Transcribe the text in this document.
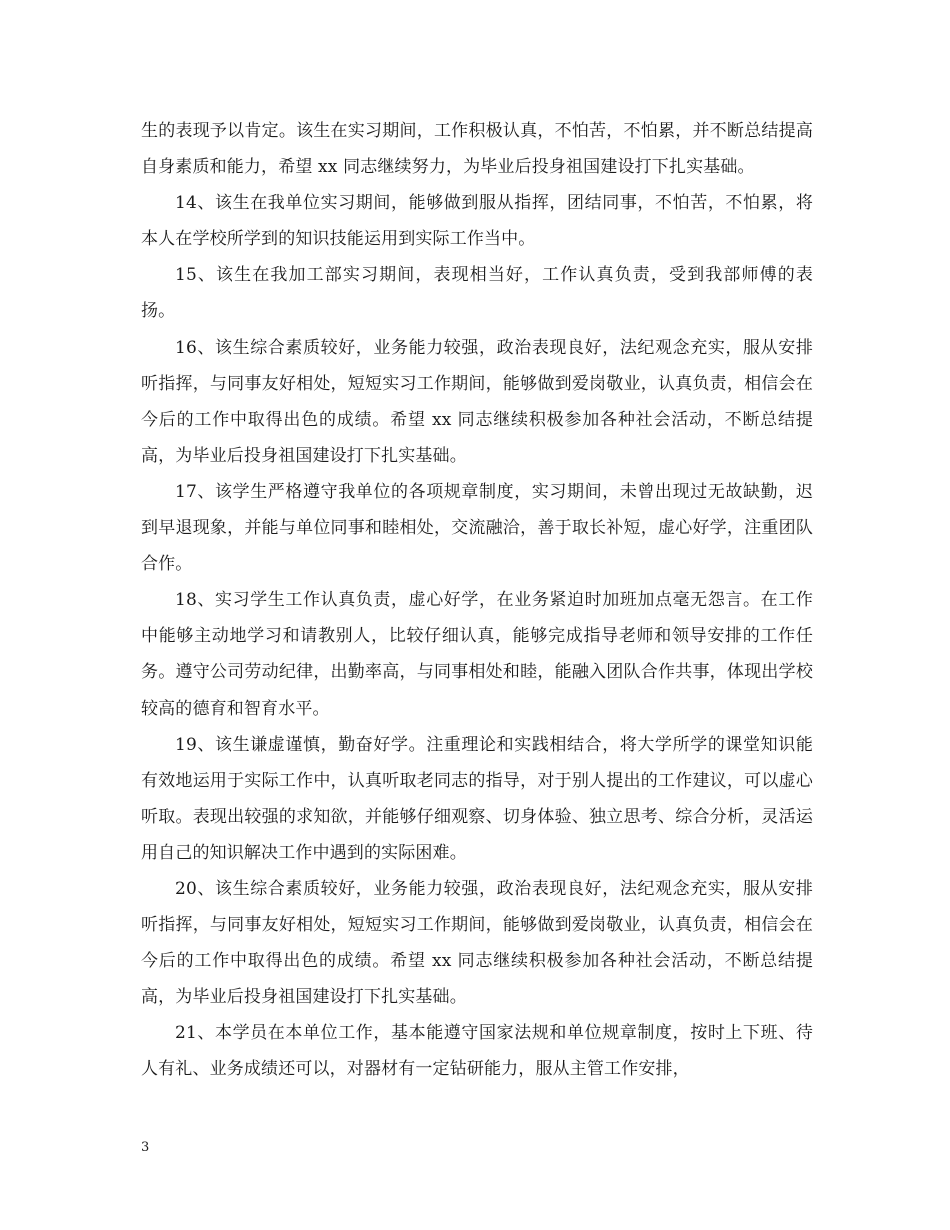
生的表现予以肯定。该生在实习期间，工作积极认真，不怕苦，不怕累，并不断总结提高自身素质和能力，希望 xx 同志继续努力，为毕业后投身祖国建设打下扎实基础。

14、该生在我单位实习期间，能够做到服从指挥，团结同事，不怕苦，不怕累，将本人在学校所学到的知识技能运用到实际工作当中。

15、该生在我加工部实习期间，表现相当好，工作认真负责，受到我部师傅的表扬。

16、该生综合素质较好，业务能力较强，政治表现良好，法纪观念充实，服从安排听指挥，与同事友好相处，短短实习工作期间，能够做到爱岗敬业，认真负责，相信会在今后的工作中取得出色的成绩。希望 xx 同志继续积极参加各种社会活动，不断总结提高，为毕业后投身祖国建设打下扎实基础。

17、该学生严格遵守我单位的各项规章制度，实习期间，未曾出现过无故缺勤，迟到早退现象，并能与单位同事和睦相处，交流融洽，善于取长补短，虚心好学，注重团队合作。

18、实习学生工作认真负责，虚心好学，在业务紧迫时加班加点毫无怨言。在工作中能够主动地学习和请教别人，比较仔细认真，能够完成指导老师和领导安排的工作任务。遵守公司劳动纪律，出勤率高，与同事相处和睦，能融入团队合作共事，体现出学校较高的德育和智育水平。

19、该生谦虚谨慎，勤奋好学。注重理论和实践相结合，将大学所学的课堂知识能有效地运用于实际工作中，认真听取老同志的指导，对于别人提出的工作建议，可以虚心听取。表现出较强的求知欲，并能够仔细观察、切身体验、独立思考、综合分析，灵活运用自己的知识解决工作中遇到的实际困难。

20、该生综合素质较好，业务能力较强，政治表现良好，法纪观念充实，服从安排听指挥，与同事友好相处，短短实习工作期间，能够做到爱岗敬业，认真负责，相信会在今后的工作中取得出色的成绩。希望 xx 同志继续积极参加各种社会活动，不断总结提高，为毕业后投身祖国建设打下扎实基础。

21、本学员在本单位工作，基本能遵守国家法规和单位规章制度，按时上下班、待人有礼、业务成绩还可以，对器材有一定钻研能力，服从主管工作安排，

3
